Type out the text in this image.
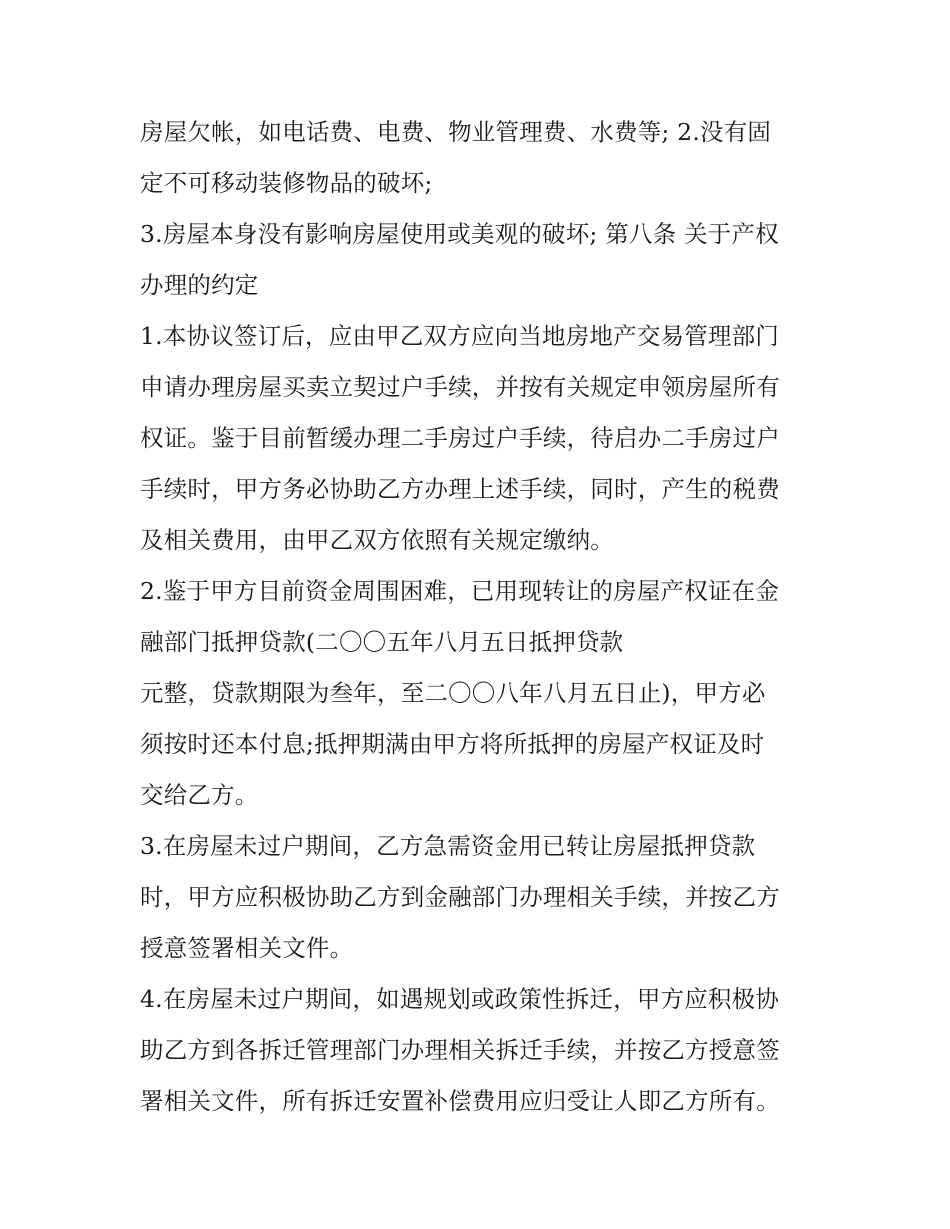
房屋欠帐，如电话费、电费、物业管理费、水费等; 2.没有固
定不可移动装修物品的破坏;
3.房屋本身没有影响房屋使用或美观的破坏; 第八条 关于产权
办理的约定
1.本协议签订后，应由甲乙双方应向当地房地产交易管理部门
申请办理房屋买卖立契过户手续，并按有关规定申领房屋所有
权证。鉴于目前暂缓办理二手房过户手续，待启办二手房过户
手续时，甲方务必协助乙方办理上述手续，同时，产生的税费
及相关费用，由甲乙双方依照有关规定缴纳。
2.鉴于甲方目前资金周围困难，已用现转让的房屋产权证在金
融部门抵押贷款(二〇〇五年八月五日抵押贷款
元整，贷款期限为叁年，至二〇〇八年八月五日止)，甲方必
须按时还本付息;抵押期满由甲方将所抵押的房屋产权证及时
交给乙方。
3.在房屋未过户期间，乙方急需资金用已转让房屋抵押贷款
时，甲方应积极协助乙方到金融部门办理相关手续，并按乙方
授意签署相关文件。
4.在房屋未过户期间，如遇规划或政策性拆迁，甲方应积极协
助乙方到各拆迁管理部门办理相关拆迁手续，并按乙方授意签
署相关文件，所有拆迁安置补偿费用应归受让人即乙方所有。
